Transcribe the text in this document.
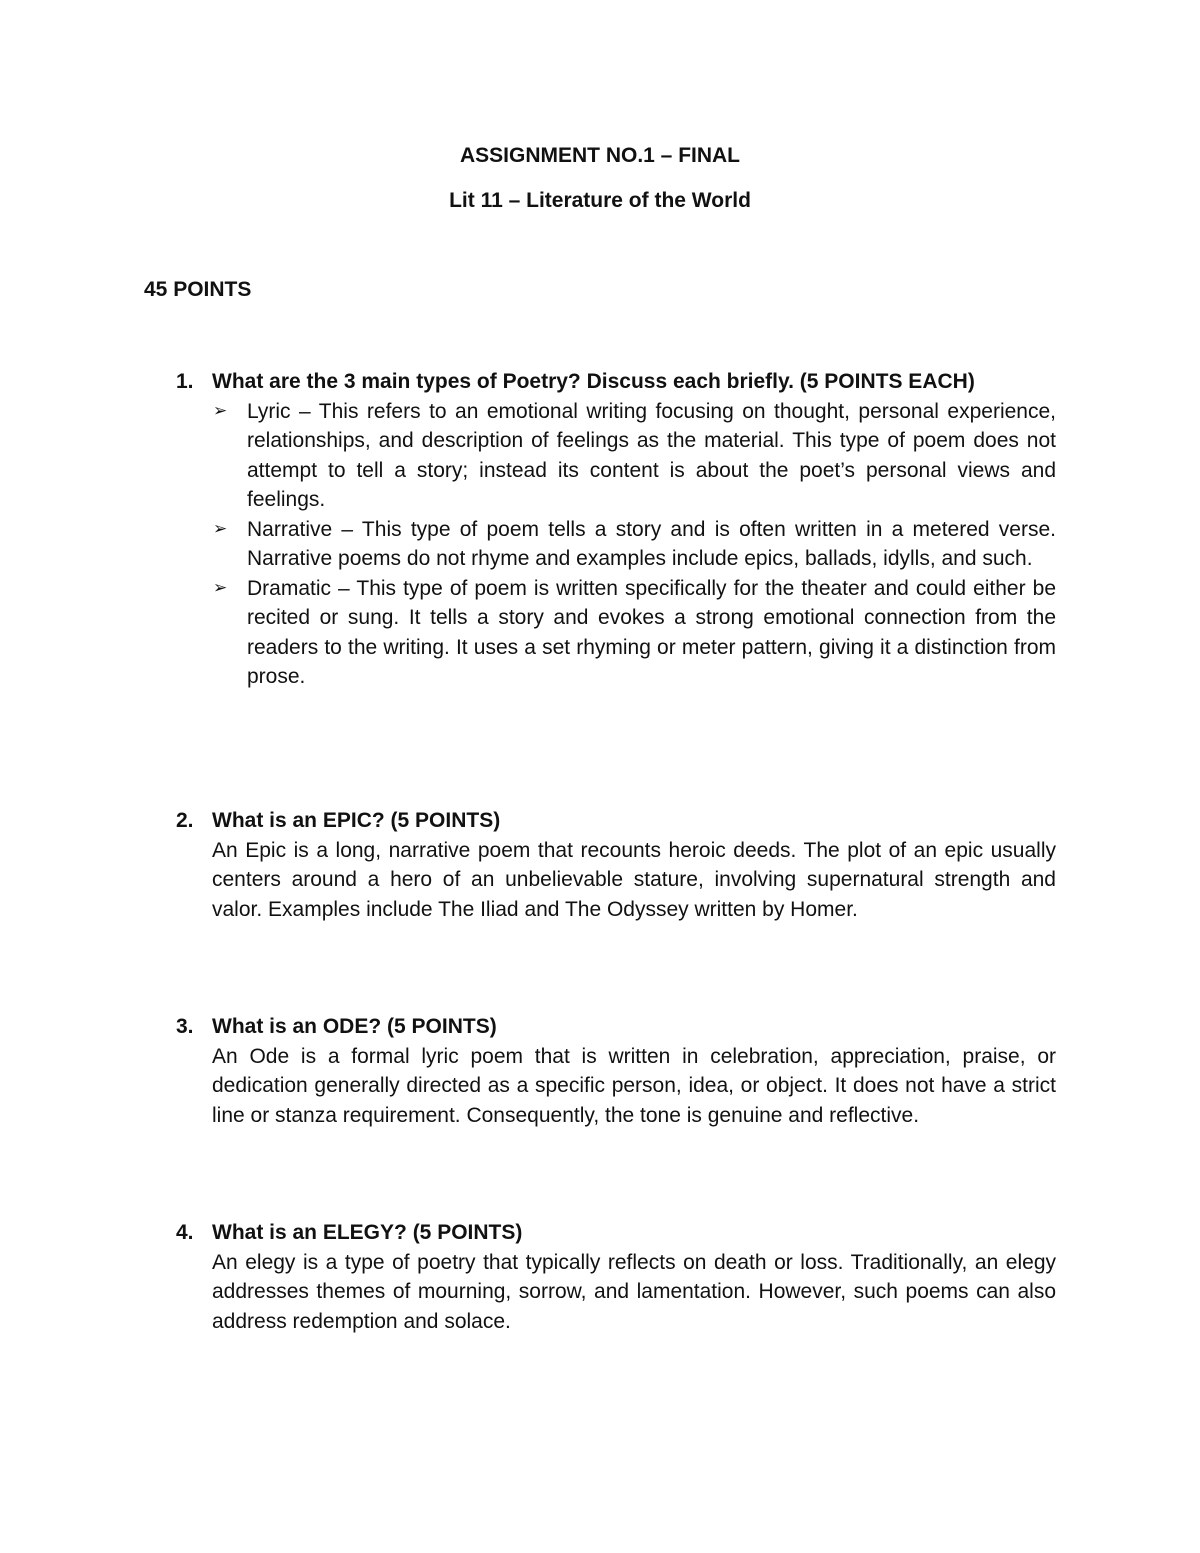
ASSIGNMENT NO.1 – FINAL
Lit 11 – Literature of the World
45 POINTS
1. What are the 3 main types of Poetry? Discuss each briefly. (5 POINTS EACH)
➢ Lyric – This refers to an emotional writing focusing on thought, personal experience, relationships, and description of feelings as the material. This type of poem does not attempt to tell a story; instead its content is about the poet’s personal views and feelings.
➢ Narrative – This type of poem tells a story and is often written in a metered verse. Narrative poems do not rhyme and examples include epics, ballads, idylls, and such.
➢ Dramatic – This type of poem is written specifically for the theater and could either be recited or sung. It tells a story and evokes a strong emotional connection from the readers to the writing. It uses a set rhyming or meter pattern, giving it a distinction from prose.
2. What is an EPIC? (5 POINTS)
An Epic is a long, narrative poem that recounts heroic deeds. The plot of an epic usually centers around a hero of an unbelievable stature, involving supernatural strength and valor. Examples include The Iliad and The Odyssey written by Homer.
3. What is an ODE? (5 POINTS)
An Ode is a formal lyric poem that is written in celebration, appreciation, praise, or dedication generally directed as a specific person, idea, or object. It does not have a strict line or stanza requirement. Consequently, the tone is genuine and reflective.
4. What is an ELEGY? (5 POINTS)
An elegy is a type of poetry that typically reflects on death or loss. Traditionally, an elegy addresses themes of mourning, sorrow, and lamentation. However, such poems can also address redemption and solace.
